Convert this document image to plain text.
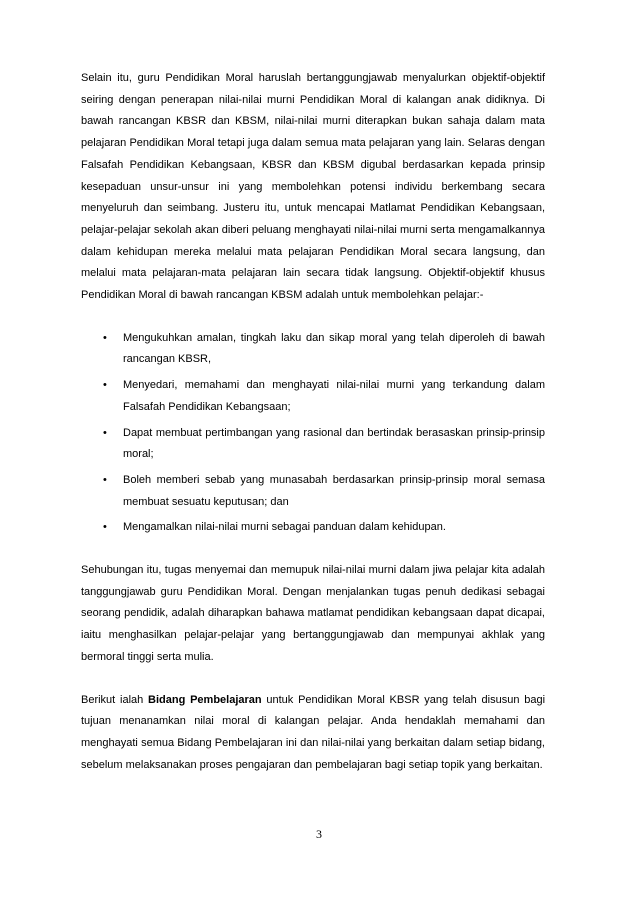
Selain itu, guru Pendidikan Moral haruslah bertanggungjawab menyalurkan objektif-objektif seiring dengan penerapan nilai-nilai murni Pendidikan Moral di kalangan anak didiknya. Di bawah rancangan KBSR dan KBSM, nilai-nilai murni diterapkan bukan sahaja dalam mata pelajaran Pendidikan Moral tetapi juga dalam semua mata pelajaran yang lain. Selaras dengan Falsafah Pendidikan Kebangsaan, KBSR dan KBSM digubal berdasarkan kepada prinsip kesepaduan unsur-unsur ini yang membolehkan potensi individu berkembang secara menyeluruh dan seimbang. Justeru itu, untuk mencapai Matlamat Pendidikan Kebangsaan, pelajar-pelajar sekolah akan diberi peluang menghayati nilai-nilai murni serta mengamalkannya dalam kehidupan mereka melalui mata pelajaran Pendidikan Moral secara langsung, dan melalui mata pelajaran-mata pelajaran lain secara tidak langsung. Objektif-objektif khusus Pendidikan Moral di bawah rancangan KBSM adalah untuk membolehkan pelajar:-

• Mengukuhkan amalan, tingkah laku dan sikap moral yang telah diperoleh di bawah rancangan KBSR,
• Menyedari, memahami dan menghayati nilai-nilai murni yang terkandung dalam Falsafah Pendidikan Kebangsaan;
• Dapat membuat pertimbangan yang rasional dan bertindak berasaskan prinsip-prinsip moral;
• Boleh memberi sebab yang munasabah berdasarkan prinsip-prinsip moral semasa membuat sesuatu keputusan; dan
• Mengamalkan nilai-nilai murni sebagai panduan dalam kehidupan.

Sehubungan itu, tugas menyemai dan memupuk nilai-nilai murni dalam jiwa pelajar kita adalah tanggungjawab guru Pendidikan Moral. Dengan menjalankan tugas penuh dedikasi sebagai seorang pendidik, adalah diharapkan bahawa matlamat pendidikan kebangsaan dapat dicapai, iaitu menghasilkan pelajar-pelajar yang bertanggungjawab dan mempunyai akhlak yang bermoral tinggi serta mulia.

Berikut ialah Bidang Pembelajaran untuk Pendidikan Moral KBSR yang telah disusun bagi tujuan menanamkan nilai moral di kalangan pelajar. Anda hendaklah memahami dan menghayati semua Bidang Pembelajaran ini dan nilai-nilai yang berkaitan dalam setiap bidang, sebelum melaksanakan proses pengajaran dan pembelajaran bagi setiap topik yang berkaitan.

3
